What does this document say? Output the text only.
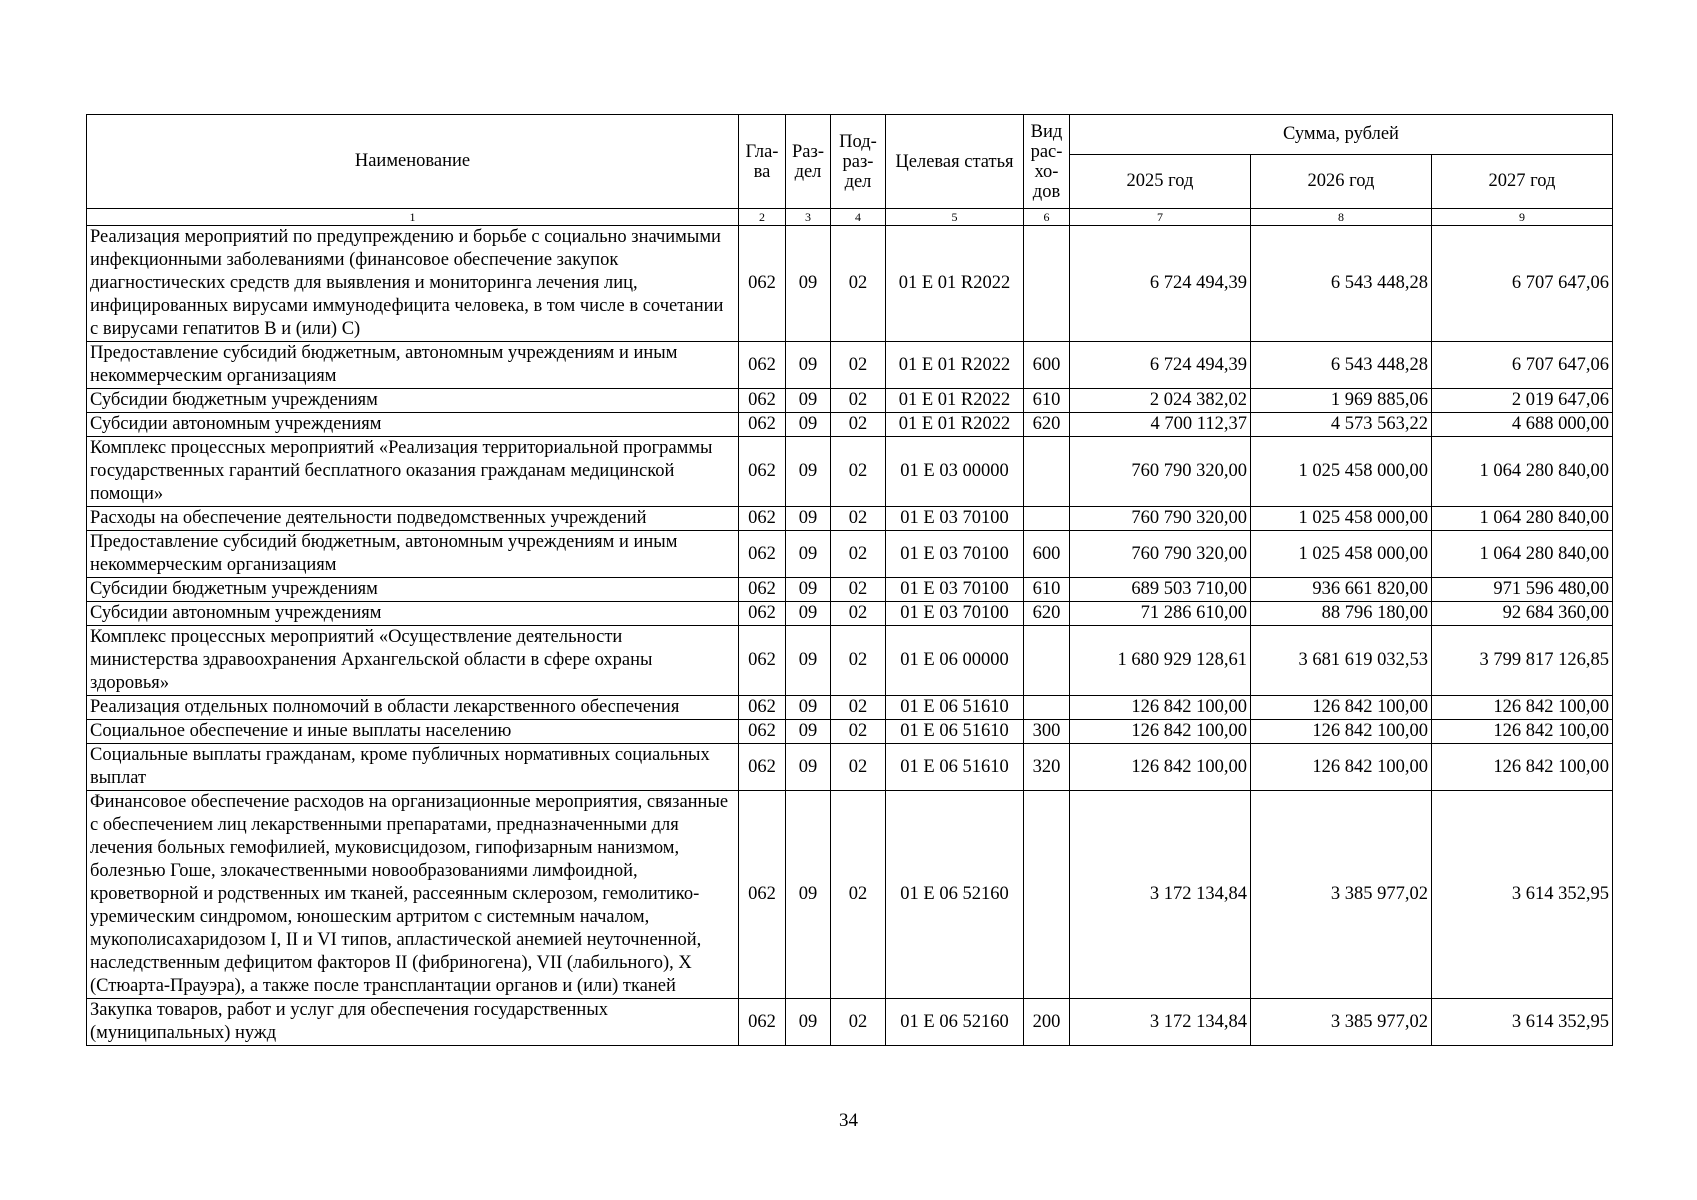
Наименование	Гла-ва	Раз-дел	Под-раз-дел	Целевая статья	Вид рас-хо-дов	Сумма, рублей		
						2025 год	2026 год	2027 год
1	2	3	4	5	6	7	8	9
Реализация мероприятий по предупреждению и борьбе с социально значимыми инфекционными заболеваниями (финансовое обеспечение закупок диагностических средств для выявления и мониторинга лечения лиц, инфицированных вирусами иммунодефицита человека, в том числе в сочетании с вирусами гепатитов B и (или) C)	062	09	02	01 Е 01 R2022		6 724 494,39	6 543 448,28	6 707 647,06
Предоставление субсидий бюджетным, автономным учреждениям и иным некоммерческим организациям	062	09	02	01 Е 01 R2022	600	6 724 494,39	6 543 448,28	6 707 647,06
Субсидии бюджетным учреждениям	062	09	02	01 Е 01 R2022	610	2 024 382,02	1 969 885,06	2 019 647,06
Субсидии автономным учреждениям	062	09	02	01 Е 01 R2022	620	4 700 112,37	4 573 563,22	4 688 000,00
Комплекс процессных мероприятий «Реализация территориальной программы государственных гарантий бесплатного оказания гражданам медицинской помощи»	062	09	02	01 Е 03 00000		760 790 320,00	1 025 458 000,00	1 064 280 840,00
Расходы на обеспечение деятельности подведомственных учреждений	062	09	02	01 Е 03 70100		760 790 320,00	1 025 458 000,00	1 064 280 840,00
Предоставление субсидий бюджетным, автономным учреждениям и иным некоммерческим организациям	062	09	02	01 Е 03 70100	600	760 790 320,00	1 025 458 000,00	1 064 280 840,00
Субсидии бюджетным учреждениям	062	09	02	01 Е 03 70100	610	689 503 710,00	936 661 820,00	971 596 480,00
Субсидии автономным учреждениям	062	09	02	01 Е 03 70100	620	71 286 610,00	88 796 180,00	92 684 360,00
Комплекс процессных мероприятий «Осуществление деятельности министерства здравоохранения Архангельской области в сфере охраны здоровья»	062	09	02	01 Е 06 00000		1 680 929 128,61	3 681 619 032,53	3 799 817 126,85
Реализация отдельных полномочий в области лекарственного обеспечения	062	09	02	01 Е 06 51610		126 842 100,00	126 842 100,00	126 842 100,00
Социальное обеспечение и иные выплаты населению	062	09	02	01 Е 06 51610	300	126 842 100,00	126 842 100,00	126 842 100,00
Социальные выплаты гражданам, кроме публичных нормативных социальных выплат	062	09	02	01 Е 06 51610	320	126 842 100,00	126 842 100,00	126 842 100,00
Финансовое обеспечение расходов на организационные мероприятия, связанные с обеспечением лиц лекарственными препаратами, предназначенными для лечения больных гемофилией, муковисцидозом, гипофизарным нанизмом, болезнью Гоше, злокачественными новообразованиями лимфоидной, кроветворной и родственных им тканей, рассеянным склерозом, гемолитико-уремическим синдромом, юношеским артритом с системным началом, мукополисахаридозом I, II и VI типов, апластической анемией неуточненной, наследственным дефицитом факторов II (фибриногена), VII (лабильного), X (Стюарта-Прауэра), а также после трансплантации органов и (или) тканей	062	09	02	01 Е 06 52160		3 172 134,84	3 385 977,02	3 614 352,95
Закупка товаров, работ и услуг для обеспечения государственных (муниципальных) нужд	062	09	02	01 Е 06 52160	200	3 172 134,84	3 385 977,02	3 614 352,95
34
